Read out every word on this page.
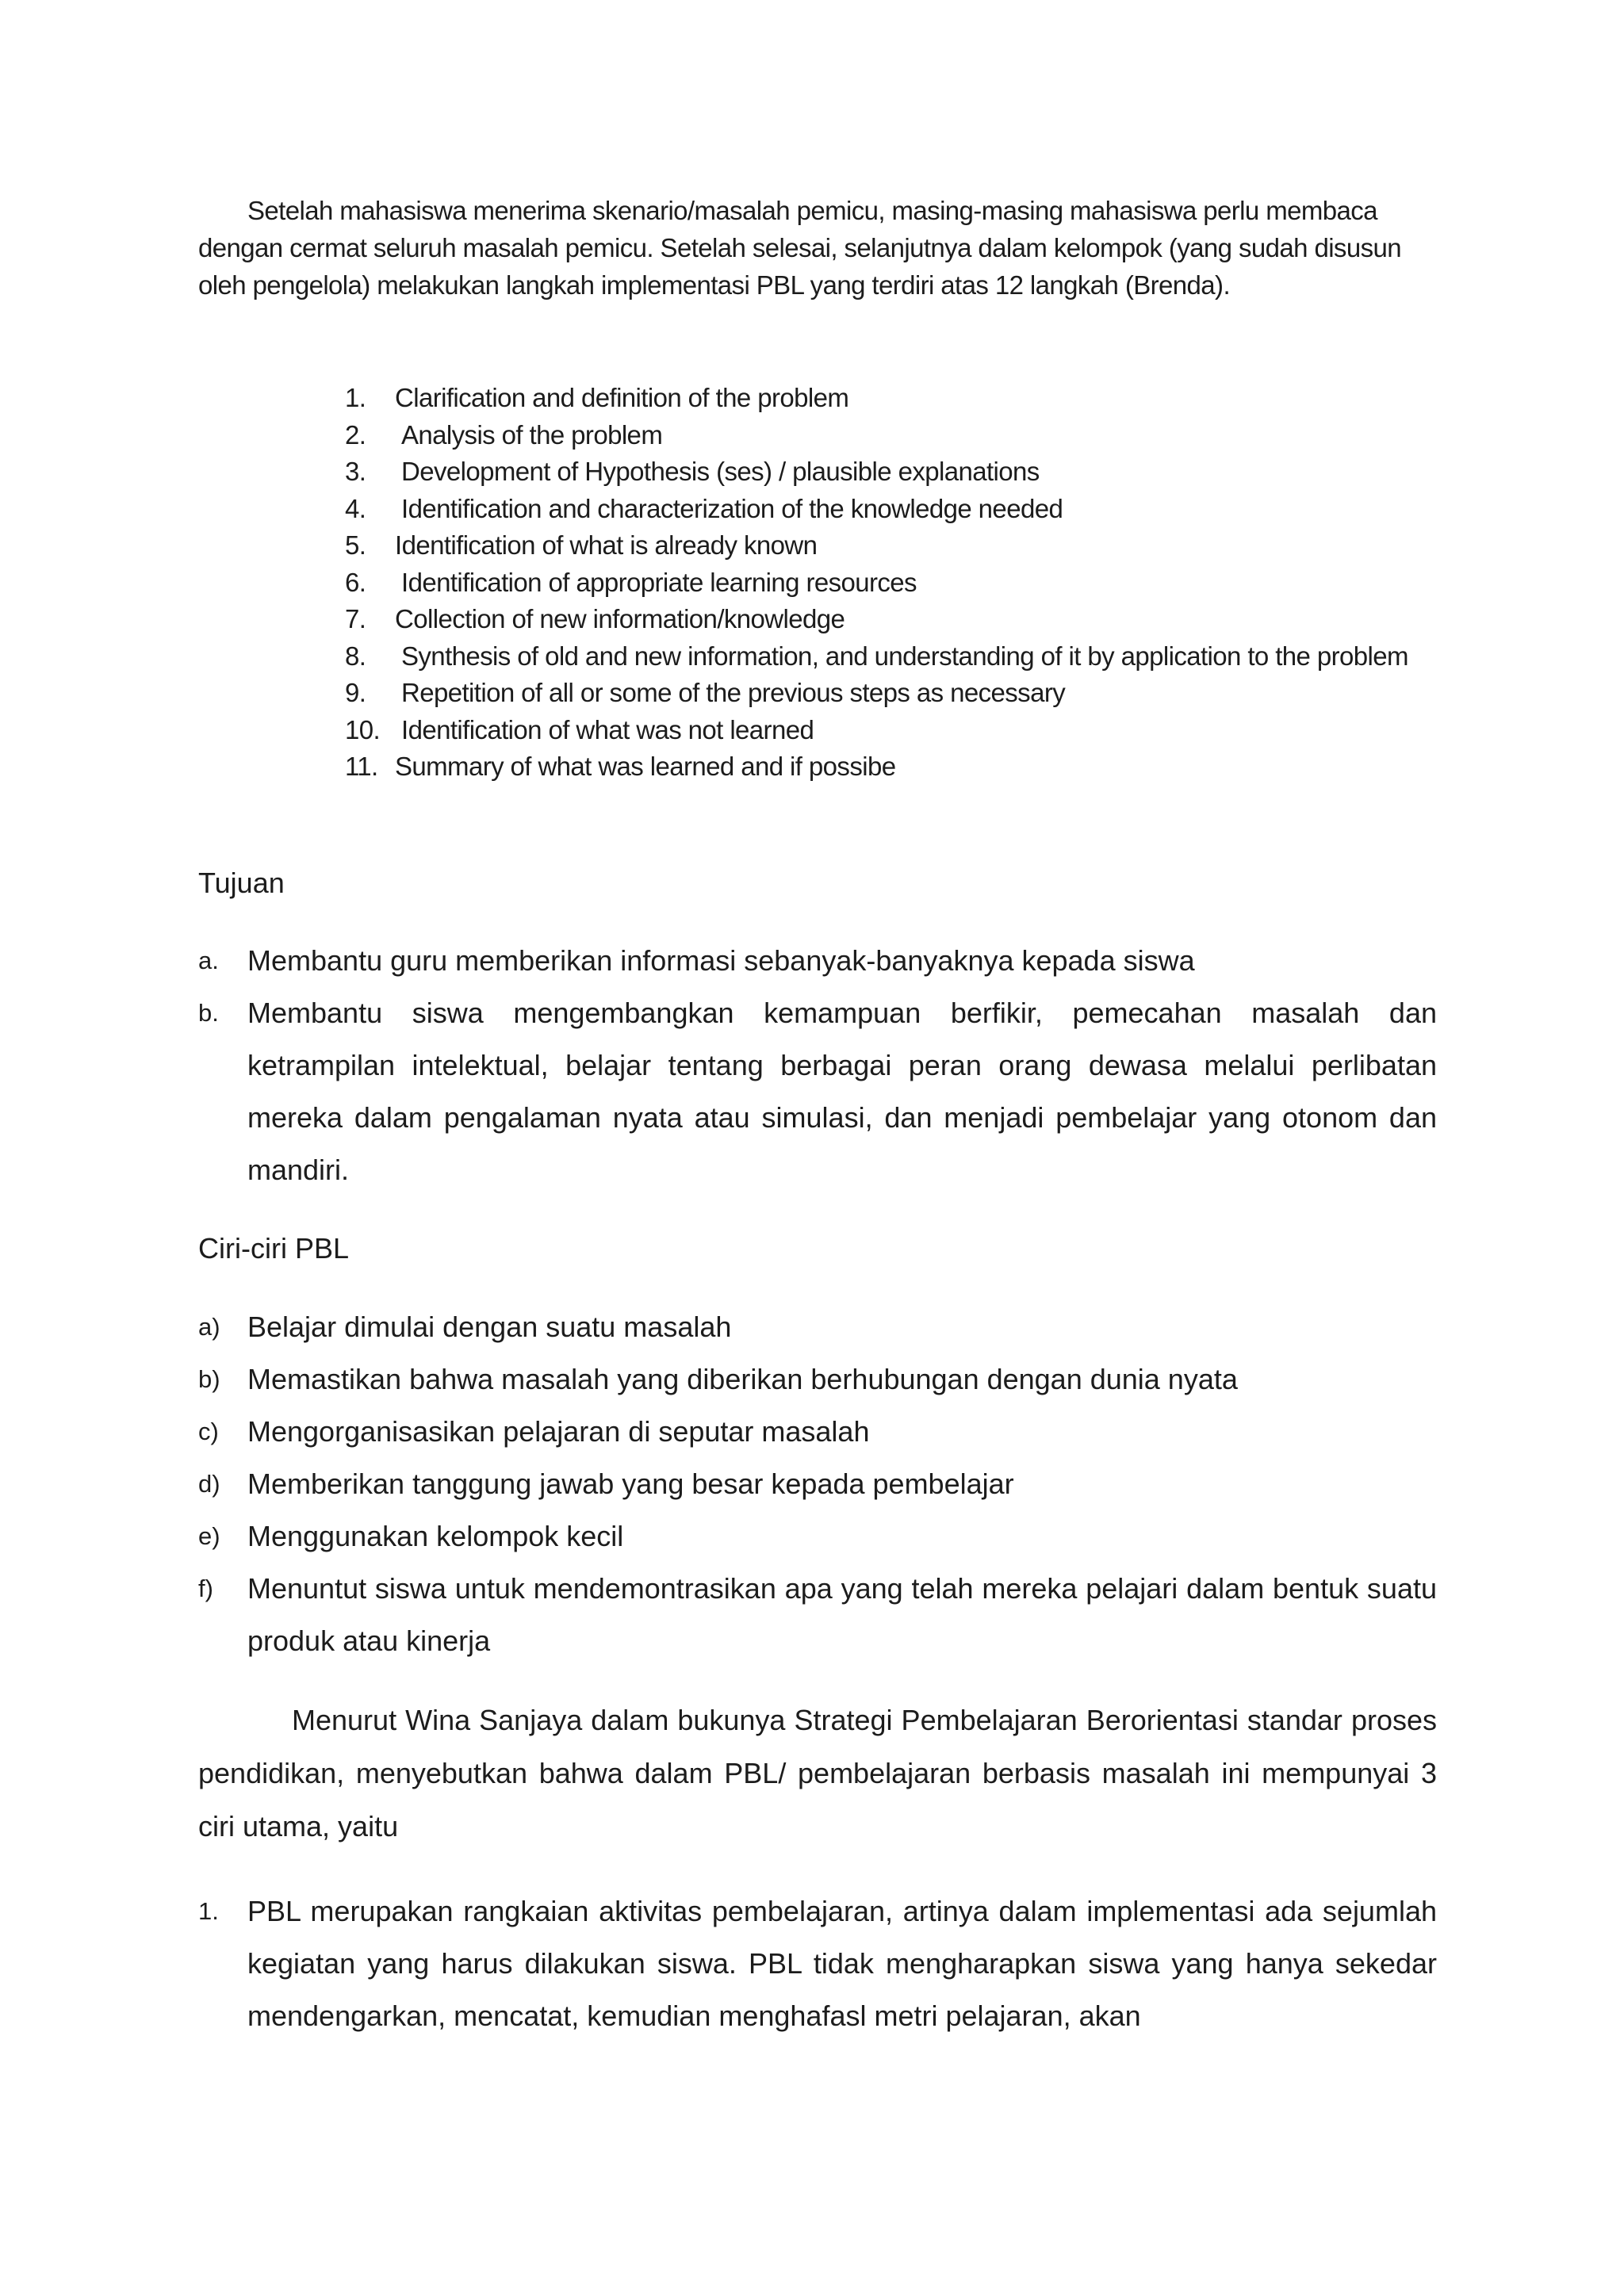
Setelah mahasiswa menerima skenario/masalah pemicu, masing-masing mahasiswa perlu membaca dengan cermat seluruh masalah pemicu. Setelah selesai, selanjutnya dalam kelompok (yang sudah disusun oleh pengelola) melakukan langkah implementasi PBL yang terdiri atas 12 langkah (Brenda).

1. Clarification and definition of the problem
2. Analysis of the problem
3. Development of Hypothesis (ses) / plausible explanations
4. Identification and characterization of the knowledge needed
5. Identification of what is already known
6. Identification of appropriate learning resources
7. Collection of new information/knowledge
8. Synthesis of old and new information, and understanding of it by application to the problem
9. Repetition of all or some of the previous steps as necessary
10. Identification of what was not learned
11. Summary of what was learned and if possibe
Tujuan
a. Membantu guru memberikan informasi sebanyak-banyaknya kepada siswa
b. Membantu siswa mengembangkan kemampuan berfikir, pemecahan masalah dan ketrampilan intelektual, belajar tentang berbagai peran orang dewasa melalui perlibatan mereka dalam pengalaman nyata atau simulasi, dan menjadi pembelajar yang otonom dan mandiri.
Ciri-ciri PBL
a) Belajar dimulai dengan suatu masalah
b) Memastikan bahwa masalah yang diberikan berhubungan dengan dunia nyata
c) Mengorganisasikan pelajaran di seputar masalah
d) Memberikan tanggung jawab yang besar kepada pembelajar
e) Menggunakan kelompok kecil
f) Menuntut siswa untuk mendemontrasikan apa yang telah mereka pelajari dalam bentuk suatu produk atau kinerja

Menurut Wina Sanjaya dalam bukunya Strategi Pembelajaran Berorientasi standar proses pendidikan, menyebutkan bahwa dalam PBL/ pembelajaran berbasis masalah ini mempunyai 3 ciri utama, yaitu

1. PBL merupakan rangkaian aktivitas pembelajaran, artinya dalam implementasi ada sejumlah kegiatan yang harus dilakukan siswa. PBL tidak mengharapkan siswa yang hanya sekedar mendengarkan, mencatat, kemudian menghafasl metri pelajaran, akan
